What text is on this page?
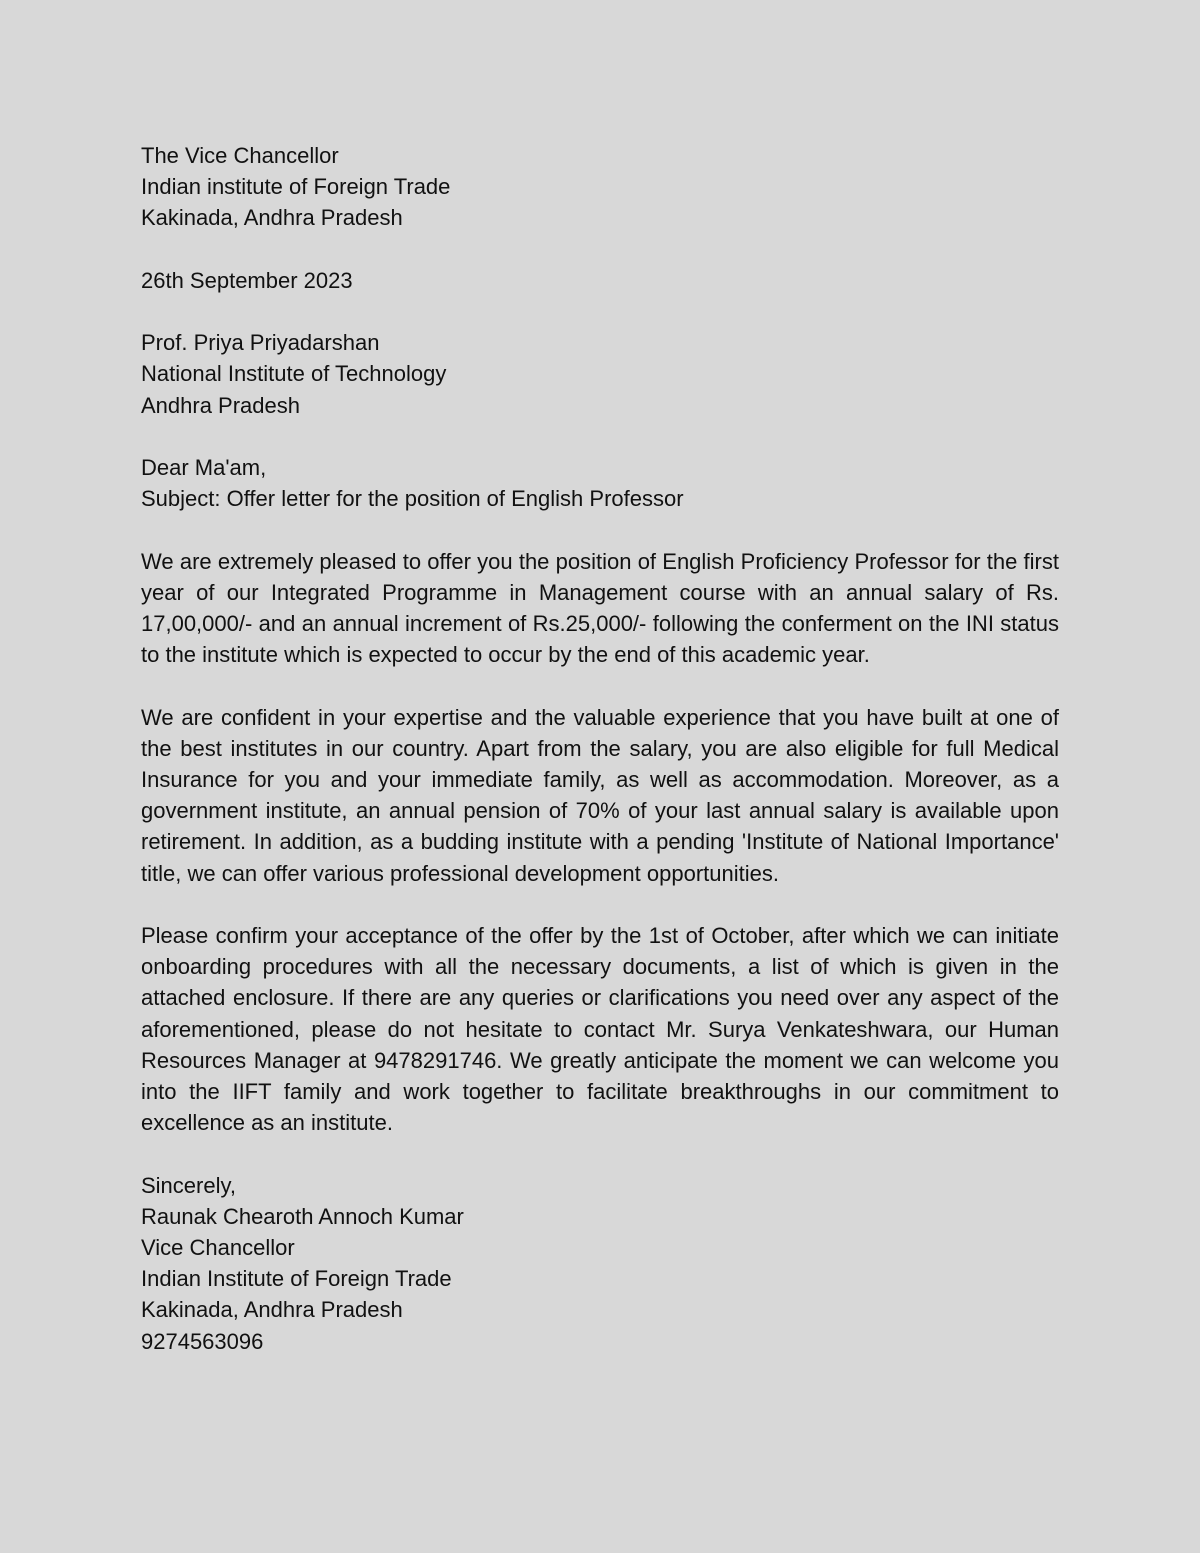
The Vice Chancellor
Indian institute of Foreign Trade
Kakinada, Andhra Pradesh
26th September 2023
Prof. Priya Priyadarshan
National Institute of Technology
Andhra Pradesh
Dear Ma'am,
Subject: Offer letter for the position of English Professor

We are extremely pleased to offer you the position of English Proficiency Professor for the first year of our Integrated Programme in Management course with an annual salary of Rs. 17,00,000/- and an annual increment of Rs.25,000/- following the conferment on the INI status to the institute which is expected to occur by the end of this academic year.

We are confident in your expertise and the valuable experience that you have built at one of the best institutes in our country. Apart from the salary, you are also eligible for full Medical Insurance for you and your immediate family, as well as accommodation. Moreover, as a government institute, an annual pension of 70% of your last annual salary is available upon retirement. In addition, as a budding institute with a pending 'Institute of National Importance' title, we can offer various professional development opportunities.

Please confirm your acceptance of the offer by the 1st of October, after which we can initiate onboarding procedures with all the necessary documents, a list of which is given in the attached enclosure. If there are any queries or clarifications you need over any aspect of the aforementioned, please do not hesitate to contact Mr. Surya Venkateshwara, our Human Resources Manager at 9478291746. We greatly anticipate the moment we can welcome you into the IIFT family and work together to facilitate breakthroughs in our commitment to excellence as an institute.

Sincerely,
Raunak Chearoth Annoch Kumar
Vice Chancellor
Indian Institute of Foreign Trade
Kakinada, Andhra Pradesh
9274563096
